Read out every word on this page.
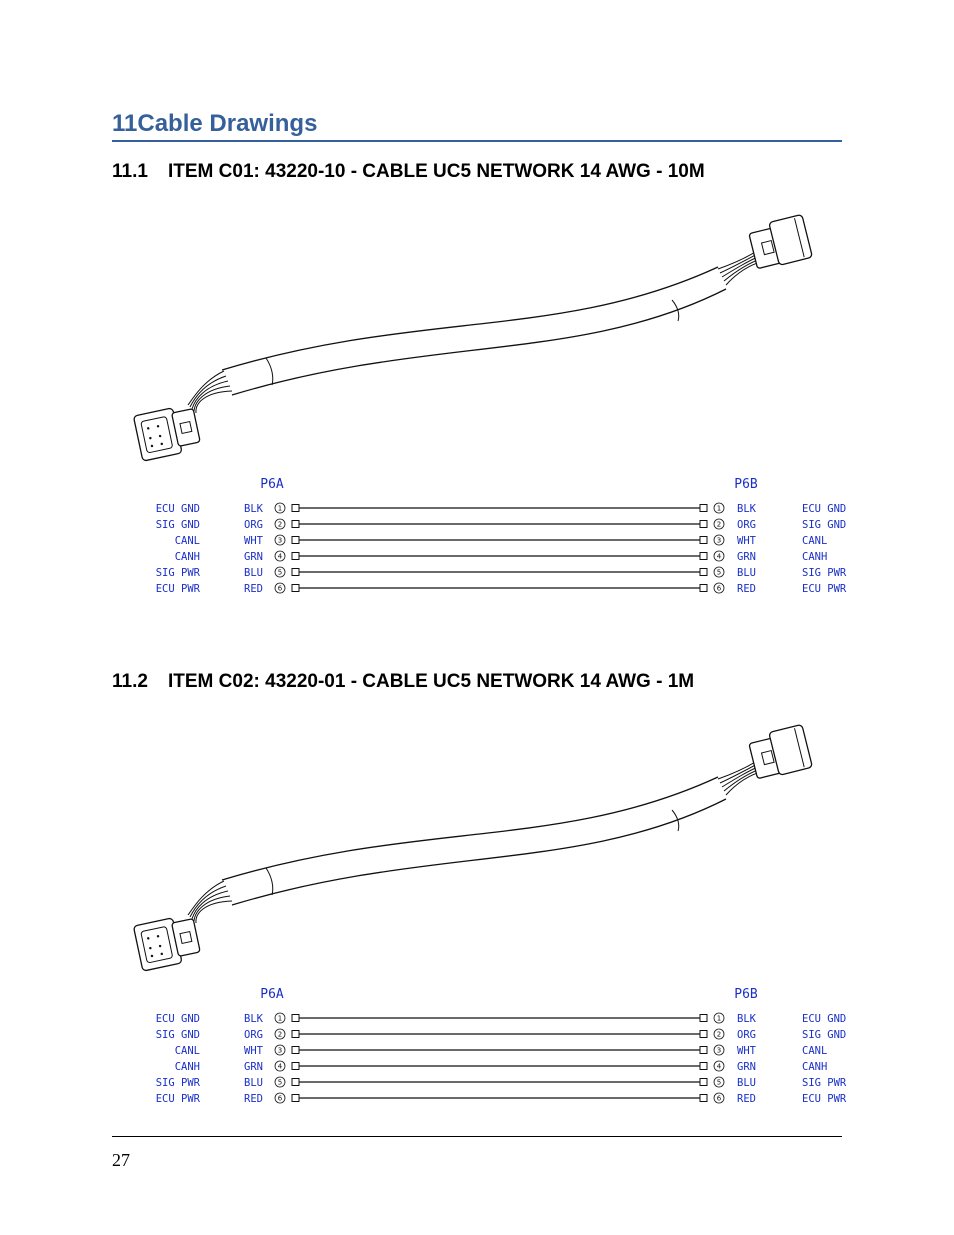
11Cable Drawings
11.1 ITEM C01: 43220-10 - CABLE UC5 NETWORK 14 AWG - 10M
P6A	P6B
ECU GND	BLK 1	1 BLK	ECU GND
SIG GND	ORG 2	2 ORG	SIG GND
CANL	WHT 3	3 WHT	CANL
CANH	GRN 4	4 GRN	CANH
SIG PWR	BLU 5	5 BLU	SIG PWR
ECU PWR	RED 6	6 RED	ECU PWR
11.2 ITEM C02: 43220-01 - CABLE UC5 NETWORK 14 AWG - 1M
P6A	P6B
ECU GND	BLK 1	1 BLK	ECU GND
SIG GND	ORG 2	2 ORG	SIG GND
CANL	WHT 3	3 WHT	CANL
CANH	GRN 4	4 GRN	CANH
SIG PWR	BLU 5	5 BLU	SIG PWR
ECU PWR	RED 6	6 RED	ECU PWR
27
